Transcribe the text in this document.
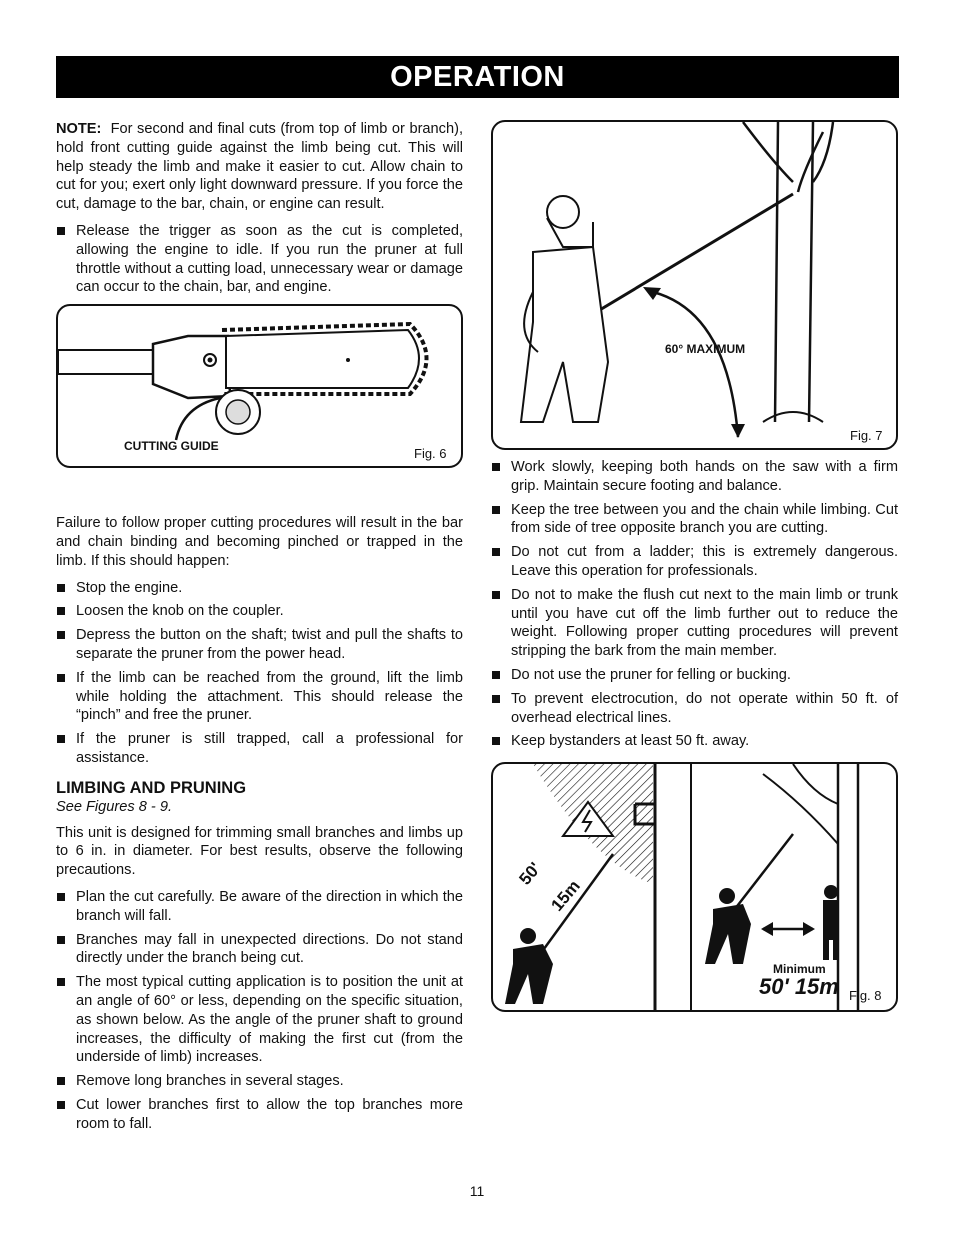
OPERATION

NOTE: For second and final cuts (from top of limb or branch), hold front cutting guide against the limb being cut. This will help steady the limb and make it easier to cut. Allow chain to cut for you; exert only light downward pressure. If you force the cut, damage to the bar, chain, or engine can result.

Release the trigger as soon as the cut is completed, allowing the engine to idle. If you run the pruner at full throttle without a cutting load, unnecessary wear or damage can occur to the chain, bar, and engine.

Failure to follow proper cutting procedures will result in the bar and chain binding and becoming pinched or trapped in the limb. If this should happen:

Stop the engine.
Loosen the knob on the coupler.
Depress the button on the shaft; twist and pull the shafts to separate the pruner from the power head.
If the limb can be reached from the ground, lift the limb while holding the attachment. This should release the “pinch” and free the pruner.
If the pruner is still trapped, call a professional for assistance.
LIMBING AND PRUNING

See Figures 8 - 9.

This unit is designed for trimming small branches and limbs up to 6 in. in diameter. For best results, observe the following precautions.

Plan the cut carefully. Be aware of the direction in which the branch will fall.
Branches may fall in unexpected directions. Do not stand directly under the branch being cut.
The most typical cutting application is to position the unit at an angle of 60° or less, depending on the specific situation, as shown below. As the angle of the pruner shaft to ground increases, the difficulty of making the first cut (from the underside of limb) increases.
Remove long branches in several stages.
Cut lower branches first to allow the top branches more room to fall.
CUTTING GUIDE	Fig. 6
60° MAXIMUM
Fig. 7
Work slowly, keeping both hands on the saw with a firm grip. Maintain secure footing and balance.
Keep the tree between you and the chain while limbing. Cut from side of tree opposite branch you are cutting.
Do not cut from a ladder; this is extremely dangerous. Leave this operation for professionals.
Do not to make the flush cut next to the main limb or trunk until you have cut off the limb further out to reduce the weight. Following proper cutting procedures will prevent stripping the bark from the main member.
Do not use the pruner for felling or bucking.
To prevent electrocution, do not operate within 50 ft. of overhead electrical lines.
Keep bystanders at least 50 ft. away.
50'
15m
Minimum
50' 15m Fig. 8
11
